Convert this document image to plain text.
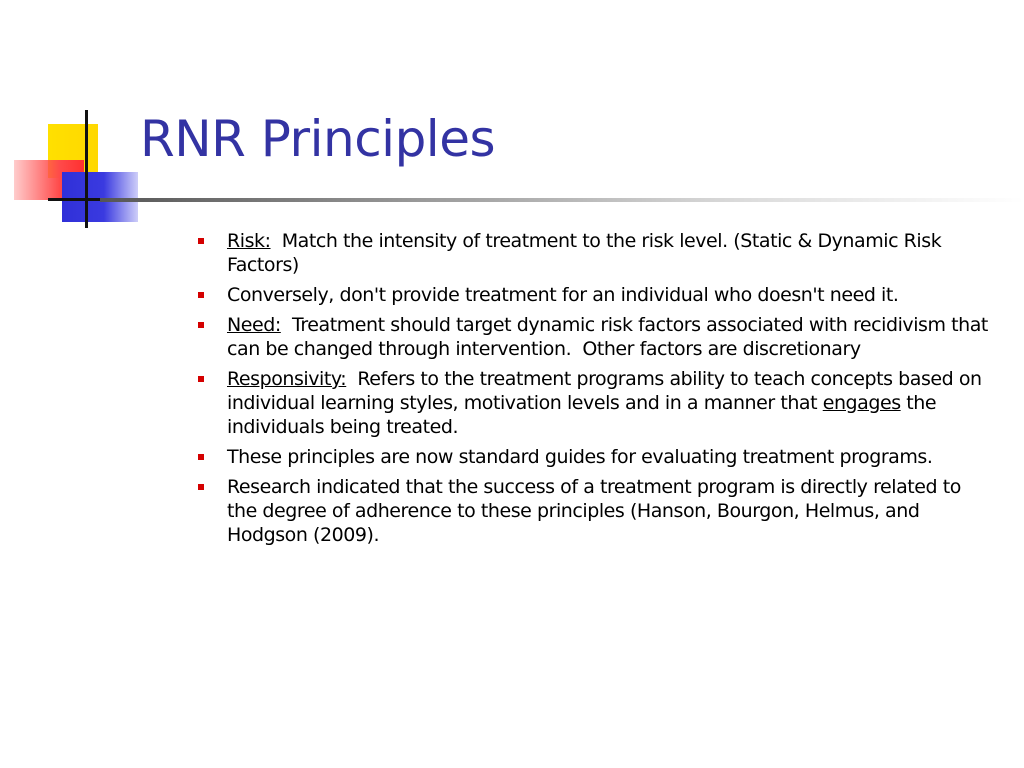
RNR Principles
Risk:  Match the intensity of treatment to the risk level. (Static & Dynamic Risk Factors)
Conversely, don't provide treatment for an individual who doesn't need it.
Need:  Treatment should target dynamic risk factors associated with recidivism that can be changed through intervention.  Other factors are discretionary
Responsivity:  Refers to the treatment programs ability to teach concepts based on individual learning styles, motivation levels and in a manner that engages the individuals being treated.
These principles are now standard guides for evaluating treatment programs.
Research indicated that the success of a treatment program is directly related to the degree of adherence to these principles (Hanson, Bourgon, Helmus, and Hodgson (2009).
